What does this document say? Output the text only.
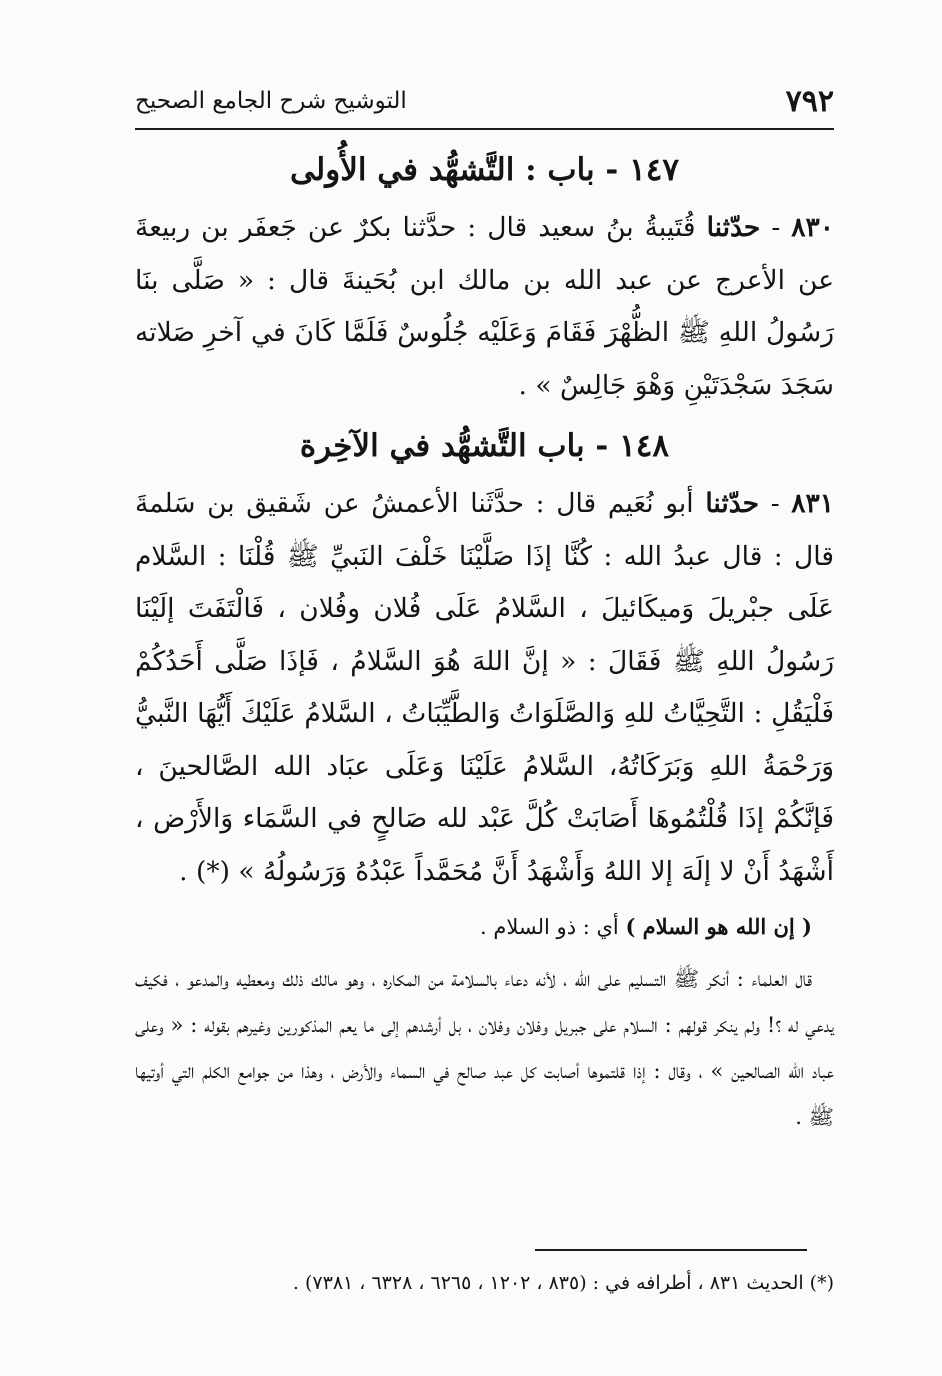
٧٩٢
التوشيح شرح الجامع الصحيح
١٤٧ - باب : التَّشهُّد في الأُولى

٨٣٠ - حدّثنا قُتَيبةُ بنُ سعيد قال : حدَّثنا بكرٌ عن جَعفَر بن ربيعةَ عن الأعرج عن عبد الله بن مالك ابن بُحَينةَ قال : « صَلَّى بنَا رَسُولُ اللهِ ﷺ الظُّهْرَ فَقَامَ وَعَلَيْه جُلُوسٌ فَلَمَّا كَانَ في آخرِ صَلاته سَجَدَ سَجْدَتَيْنِ وَهْوَ جَالِسٌ » .

١٤٨ - باب التَّشهُّد في الآخِرة

٨٣١ - حدّثنا أبو نُعَيم قال : حدَّثَنا الأعمشُ عن شَقيق بن سَلمةَ قال : قال عبدُ الله : كُنَّا إذَا صَلَّيْنَا خَلْفَ النَبيِّ ﷺ قُلْنَا : السَّلام عَلَى جبْريلَ وَميكَائيلَ ، السَّلامُ عَلَى فُلان وفُلان ، فَالْتَفَتَ إلَيْنَا رَسُولُ اللهِ ﷺ فَقَالَ : « إنَّ اللهَ هُوَ السَّلامُ ، فَإذَا صَلَّى أَحَدُكُمْ فَلْيَقُلِ : التَّحِيَّاتُ للهِ وَالصَّلَوَاتُ وَالطَّيِّبَاتُ ، السَّلامُ عَلَيْكَ أَيُّهَا النَّبيُّ وَرَحْمَةُ اللهِ وَبَرَكَاتُهُ، السَّلامُ عَلَيْنَا وَعَلَى عبَاد الله الصَّالحينَ ، فَإنَّكُمْ إذَا قُلْتُمُوهَا أَصَابَتْ كُلَّ عَبْد لله صَالحٍ في السَّمَاء وَالأَرْض ، أَشْهَدُ أَنْ لا إلَهَ إلا اللهُ وَأَشْهَدُ أَنَّ مُحَمَّداً عَبْدُهُ وَرَسُولُهُ » (*) .

( إن الله هو السلام ) أي : ذو السلام .

قال العلماء : أنكر ﷺ التسليم على الله ، لأنه دعاء بالسلامة من المكاره ، وهو مالك ذلك ومعطيه والمدعو ، فكيف يدعي له ؟! ولم ينكر قولهم : السلام على جبريل وفلان وفلان ، بل أرشدهم إلى ما يعم المذكورين وغيرهم بقوله : « وعلى عباد الله الصالحين » ، وقال : إذا قلتموها أصابت كل عبد صالح في السماء والأرض ، وهذا من جوامع الكلم التي أوتيها ﷺ .

(*) الحديث ٨٣١ ، أطرافه في : (٨٣٥ ، ١٢٠٢ ، ٦٢٦٥ ، ٦٣٢٨ ، ٧٣٨١) .
